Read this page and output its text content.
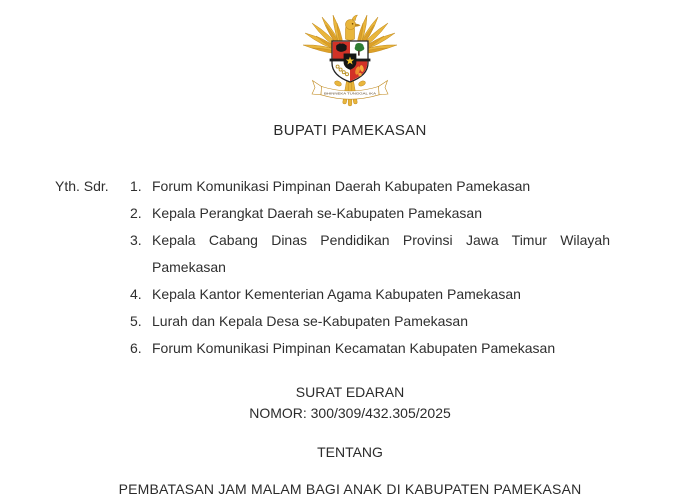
BHINNEKA TUNGGAL IKA
BUPATI PAMEKASAN
Yth. Sdr.	1. Forum Komunikasi Pimpinan Daerah Kabupaten Pamekasan
2. Kepala Perangkat Daerah se-Kabupaten Pamekasan
3. Kepala Cabang Dinas Pendidikan Provinsi Jawa Timur Wilayah Pamekasan
4. Kepala Kantor Kementerian Agama Kabupaten Pamekasan
5. Lurah dan Kepala Desa se-Kabupaten Pamekasan
6. Forum Komunikasi Pimpinan Kecamatan Kabupaten Pamekasan
SURAT EDARAN
NOMOR: 300/309/432.305/2025
TENTANG
PEMBATASAN JAM MALAM BAGI ANAK DI KABUPATEN PAMEKASAN
